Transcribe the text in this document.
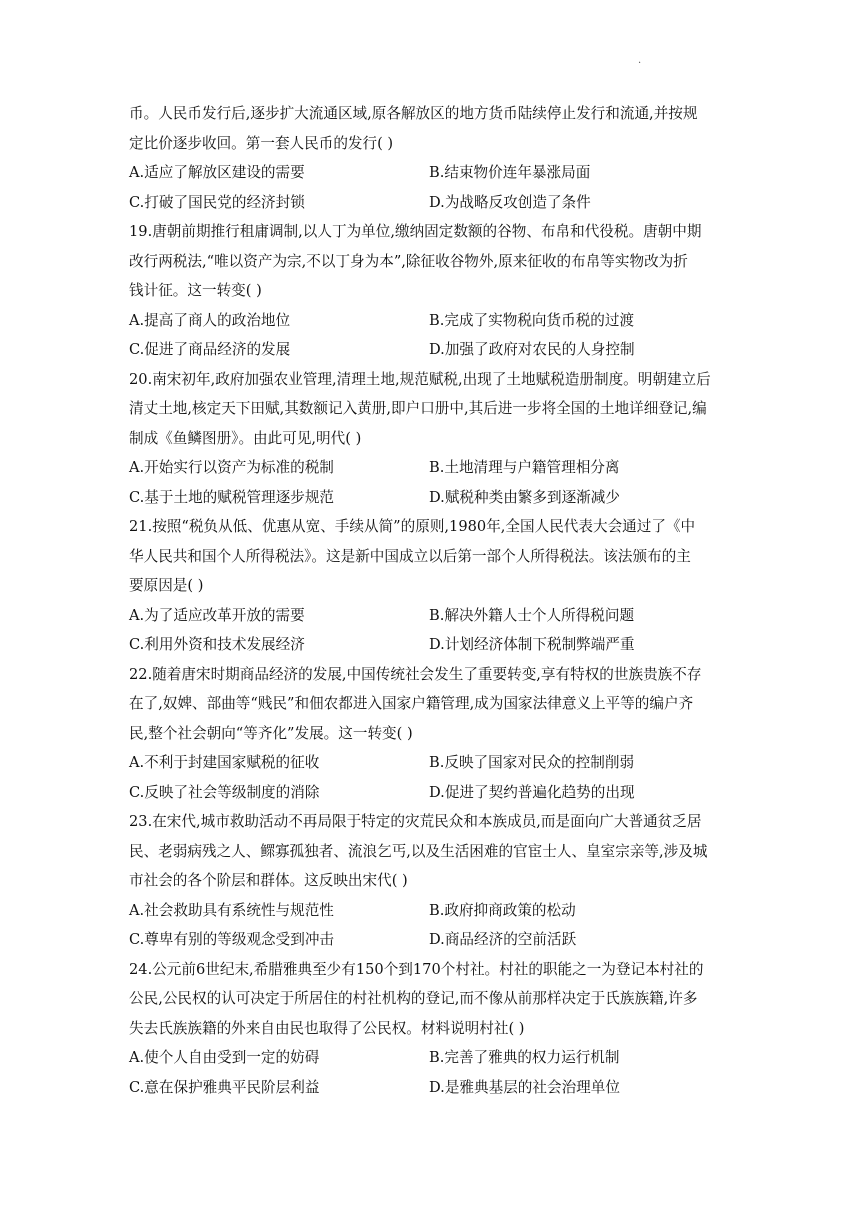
.
币。人民币发行后,逐步扩大流通区域,原各解放区的地方货币陆续停止发行和流通,并按规
定比价逐步收回。第一套人民币的发行( )
A.适应了解放区建设的需要	B.结束物价连年暴涨局面
C.打破了国民党的经济封锁	D.为战略反攻创造了条件
19.唐朝前期推行租庸调制,以人丁为单位,缴纳固定数额的谷物、布帛和代役税。唐朝中期
改行两税法,“唯以资产为宗,不以丁身为本”,除征收谷物外,原来征收的布帛等实物改为折
钱计征。这一转变( )
A.提高了商人的政治地位	B.完成了实物税向货币税的过渡
C.促进了商品经济的发展	D.加强了政府对农民的人身控制
20.南宋初年,政府加强农业管理,清理土地,规范赋税,出现了土地赋税造册制度。明朝建立后
清丈土地,核定天下田赋,其数额记入黄册,即户口册中,其后进一步将全国的土地详细登记,编
制成《鱼鳞图册》。由此可见,明代( )
A.开始实行以资产为标准的税制	B.土地清理与户籍管理相分离
C.基于土地的赋税管理逐步规范	D.赋税种类由繁多到逐渐减少
21.按照“税负从低、优惠从宽、手续从简”的原则,1980年,全国人民代表大会通过了《中
华人民共和国个人所得税法》。这是新中国成立以后第一部个人所得税法。该法颁布的主
要原因是( )
A.为了适应改革开放的需要	B.解决外籍人士个人所得税问题
C.利用外资和技术发展经济	D.计划经济体制下税制弊端严重
22.随着唐宋时期商品经济的发展,中国传统社会发生了重要转变,享有特权的世族贵族不存
在了,奴婢、部曲等“贱民”和佃农都进入国家户籍管理,成为国家法律意义上平等的编户齐
民,整个社会朝向“等齐化”发展。这一转变( )
A.不利于封建国家赋税的征收	B.反映了国家对民众的控制削弱
C.反映了社会等级制度的消除	D.促进了契约普遍化趋势的出现
23.在宋代,城市救助活动不再局限于特定的灾荒民众和本族成员,而是面向广大普通贫乏居
民、老弱病残之人、鳏寡孤独者、流浪乞丐,以及生活困难的官宦士人、皇室宗亲等,涉及城
市社会的各个阶层和群体。这反映出宋代( )
A.社会救助具有系统性与规范性	B.政府抑商政策的松动
C.尊卑有别的等级观念受到冲击	D.商品经济的空前活跃
24.公元前6世纪末,希腊雅典至少有150个到170个村社。村社的职能之一为登记本村社的
公民,公民权的认可决定于所居住的村社机构的登记,而不像从前那样决定于氏族族籍,许多
失去氏族族籍的外来自由民也取得了公民权。材料说明村社( )
A.使个人自由受到一定的妨碍	B.完善了雅典的权力运行机制
C.意在保护雅典平民阶层利益	D.是雅典基层的社会治理单位
